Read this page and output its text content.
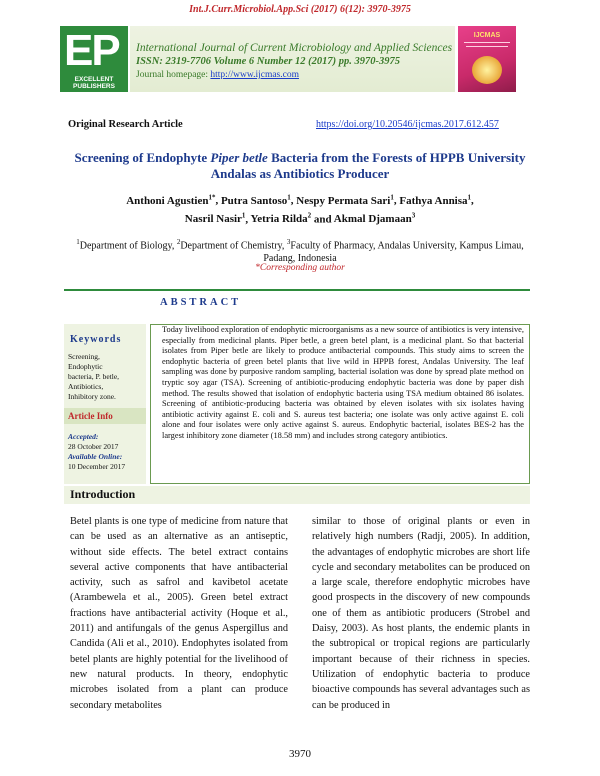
Int.J.Curr.Microbiol.App.Sci (2017) 6(12): 3970-3975
EP
EXCELLENT
PUBLISHERS
International Journal of Current Microbiology and Applied Sciences
ISSN: 2319-7706 Volume 6 Number 12 (2017) pp. 3970-3975
Journal homepage: http://www.ijcmas.com
IJCMAS
Original Research Article	https://doi.org/10.20546/ijcmas.2017.612.457
Screening of Endophyte Piper betle Bacteria from the Forests of HPPB University Andalas as Antibiotics Producer
Anthoni Agustien$^{1*}$, Putra Santoso$^1$, Nespy Permata Sari$^1$, Fathya Annisa$^1$,
Nasril Nasir$^1$, Yetria Rilda$^2$ and Akmal Djamaan$^3$
$^1$Department of Biology, $^2$Department of Chemistry, $^3$Faculty of Pharmacy, Andalas University, Kampus Limau, Padang, Indonesia
*Corresponding author
ABSTRACT
Keywords
Screening,
Endophytic
bacteria, P. betle,
Antibiotics,
Inhibitory zone.
Article Info
Accepted:
28 October 2017
Available Online:
10 December 2017
Today livelihood exploration of endophytic microorganisms as a new source of antibiotics is very intensive, especially from medicinal plants. Piper betle, a green betel plant, is a medicinal plant. So that bacterial isolates from Piper betle are likely to produce antibacterial compounds. This study aims to screen the endophytic bacteria of green betel plants that live wild in HPPB forest, Andalas University. The leaf sampling was done by purposive random sampling, bacterial isolation was done by spread plate method on tryptic soy agar (TSA). Screening of antibiotic-producing endophytic bacteria was done by paper dish method. The results showed that isolation of endophytic bacteria using TSA medium obtained 86 isolates. Screening of antibiotic-producing bacteria was obtained by eleven isolates with six isolates having antibiotic activity against E. coli and S. aureus test bacteria; one isolate was only active against E. coli alone and four isolates were only active against S. aureus. Endophytic bacterial, isolates BES-2 has the largest inhibitory zone diameter (18.58 mm) and includes strong category antibiotics.
Introduction
Betel plants is one type of medicine from nature that can be used as an alternative as an antiseptic, without side effects. The betel extract contains several active components that have antibacterial activity, such as safrol and kavibetol acetate (Arambewela et al., 2005). Green betel extract fractions have antibacterial activity (Hoque et al., 2011) and antifungals of the genus Aspergillus and Candida (Ali et al., 2010). Endophytes isolated from betel plants are highly potential for the livelihood of new natural products. In theory, endophytic microbes isolated from a plant can produce secondary metabolites
similar to those of original plants or even in relatively high numbers (Radji, 2005). In addition, the advantages of endophytic microbes are short life cycle and secondary metabolites can be produced on a large scale, therefore endophytic microbes have good prospects in the discovery of new compounds one of them as antibiotic producers (Strobel and Daisy, 2003). As host plants, the endemic plants in the subtropical or tropical regions are particularly important because of their richness in species. Utilization of endophytic bacteria to produce bioactive compounds has several advantages such as can be produced in
3970
